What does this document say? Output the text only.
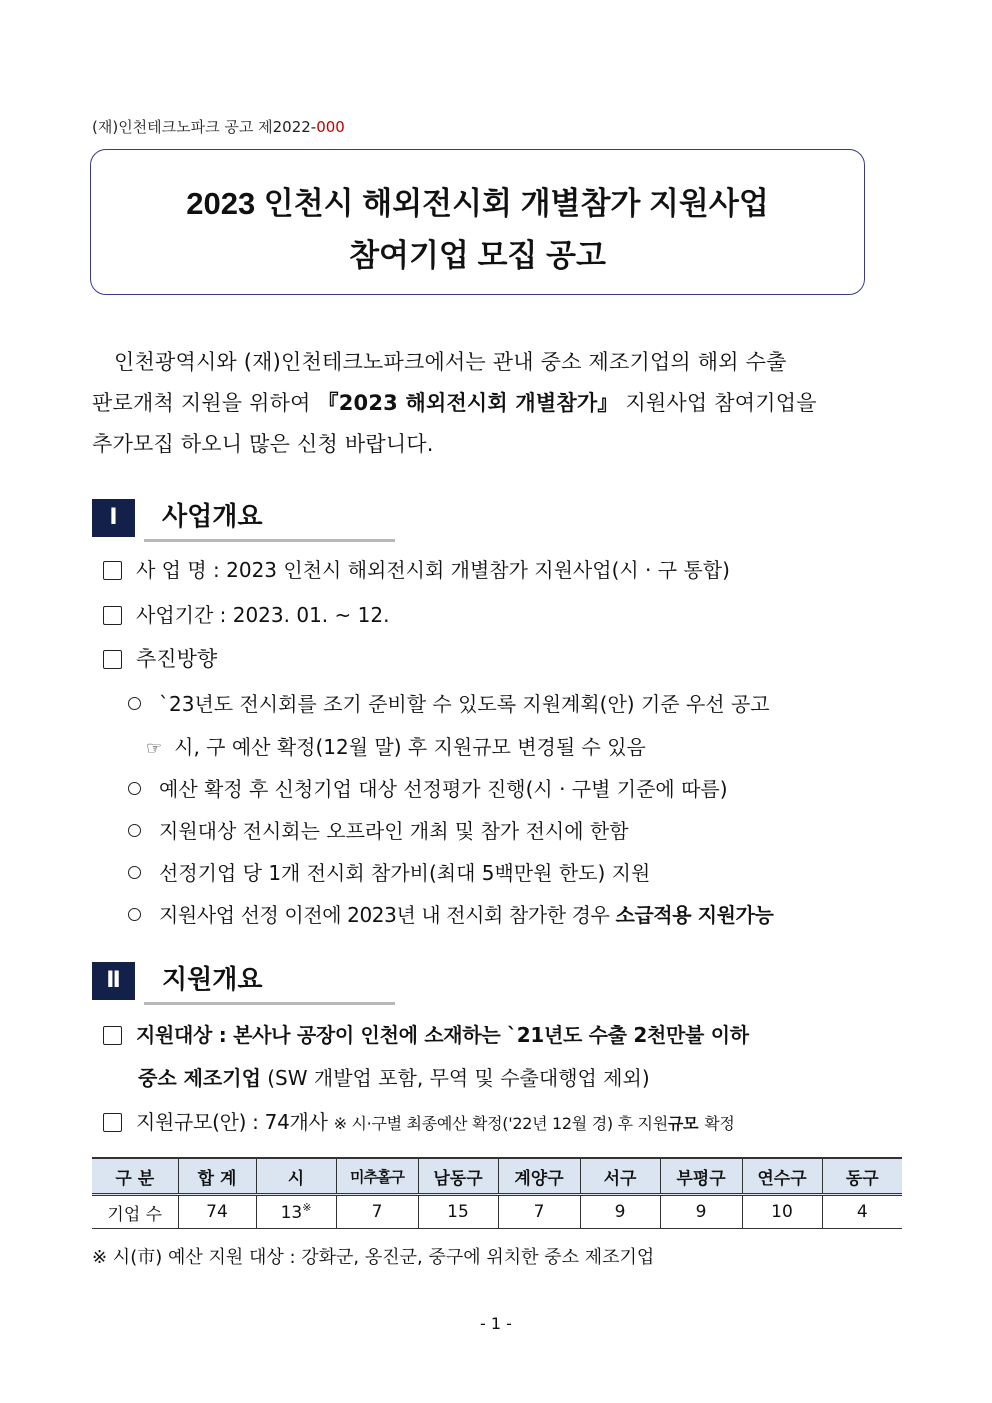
(재)인천테크노파크 공고 제2022-000
2023 인천시 해외전시회 개별참가 지원사업
참여기업 모집 공고
인천광역시와 (재)인천테크노파크에서는 관내 중소 제조기업의 해외 수출
판로개척 지원을 위하여 『2023 해외전시회 개별참가』 지원사업 참여기업을
추가모집 하오니 많은 신청 바랍니다.
Ⅰ	사업개요
사 업 명 : 2023 인천시 해외전시회 개별참가 지원사업(시 · 구 통합)
사업기간 : 2023. 01. ~ 12.
추진방향
`23년도 전시회를 조기 준비할 수 있도록 지원계획(안) 기준 우선 공고
☞ 시, 구 예산 확정(12월 말) 후 지원규모 변경될 수 있음
예산 확정 후 신청기업 대상 선정평가 진행(시 · 구별 기준에 따름)
지원대상 전시회는 오프라인 개최 및 참가 전시에 한함
선정기업 당 1개 전시회 참가비(최대 5백만원 한도) 지원
지원사업 선정 이전에 2023년 내 전시회 참가한 경우 소급적용 지원가능
Ⅱ	지원개요
지원대상 : 본사나 공장이 인천에 소재하는 `21년도 수출 2천만불 이하
중소 제조기업 (SW 개발업 포함, 무역 및 수출대행업 제외)
지원규모(안) : 74개사 ※ 시·구별 최종예산 확정('22년 12월 경) 후 지원규모 확정
구 분	합 계	시	미추홀구	남동구	계양구	서구	부평구	연수구	동구
기업 수	74	13※	7	15	7	9	9	10	4
※ 시(市) 예산 지원 대상 : 강화군, 옹진군, 중구에 위치한 중소 제조기업
- 1 -
